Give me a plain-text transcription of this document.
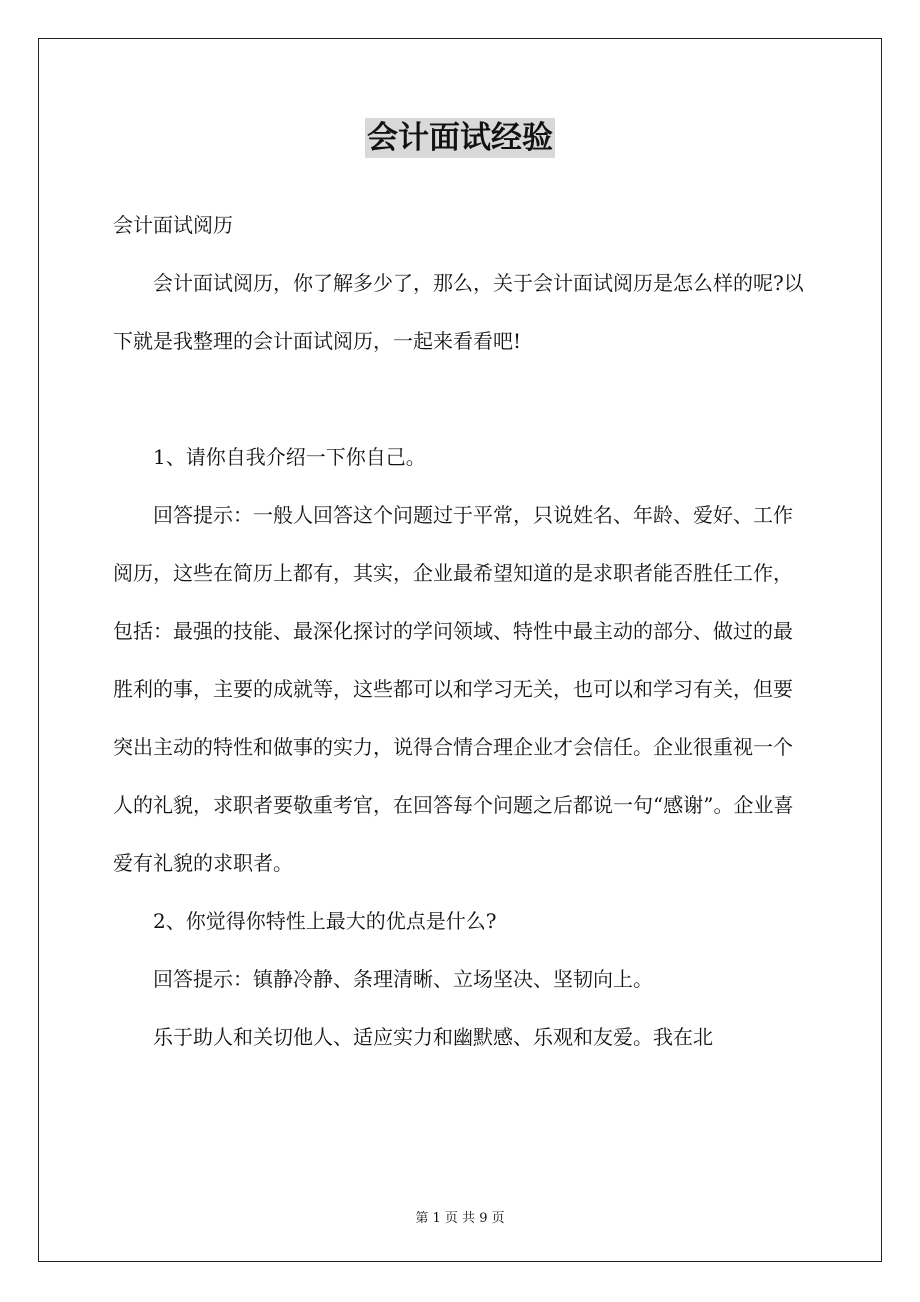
会计面试经验

会计面试阅历

会计面试阅历，你了解多少了，那么，关于会计面试阅历是怎么样的呢?以下就是我整理的会计面试阅历，一起来看看吧!

1、请你自我介绍一下你自己。

回答提示：一般人回答这个问题过于平常，只说姓名、年龄、爱好、工作阅历，这些在简历上都有，其实，企业最希望知道的是求职者能否胜任工作，包括：最强的技能、最深化探讨的学问领域、特性中最主动的部分、做过的最胜利的事，主要的成就等，这些都可以和学习无关，也可以和学习有关，但要突出主动的特性和做事的实力，说得合情合理企业才会信任。企业很重视一个人的礼貌，求职者要敬重考官，在回答每个问题之后都说一句“感谢”。企业喜爱有礼貌的求职者。

2、你觉得你特性上最大的优点是什么?

回答提示：镇静冷静、条理清晰、立场坚决、坚韧向上。

乐于助人和关切他人、适应实力和幽默感、乐观和友爱。我在北

第 1 页 共 9 页
